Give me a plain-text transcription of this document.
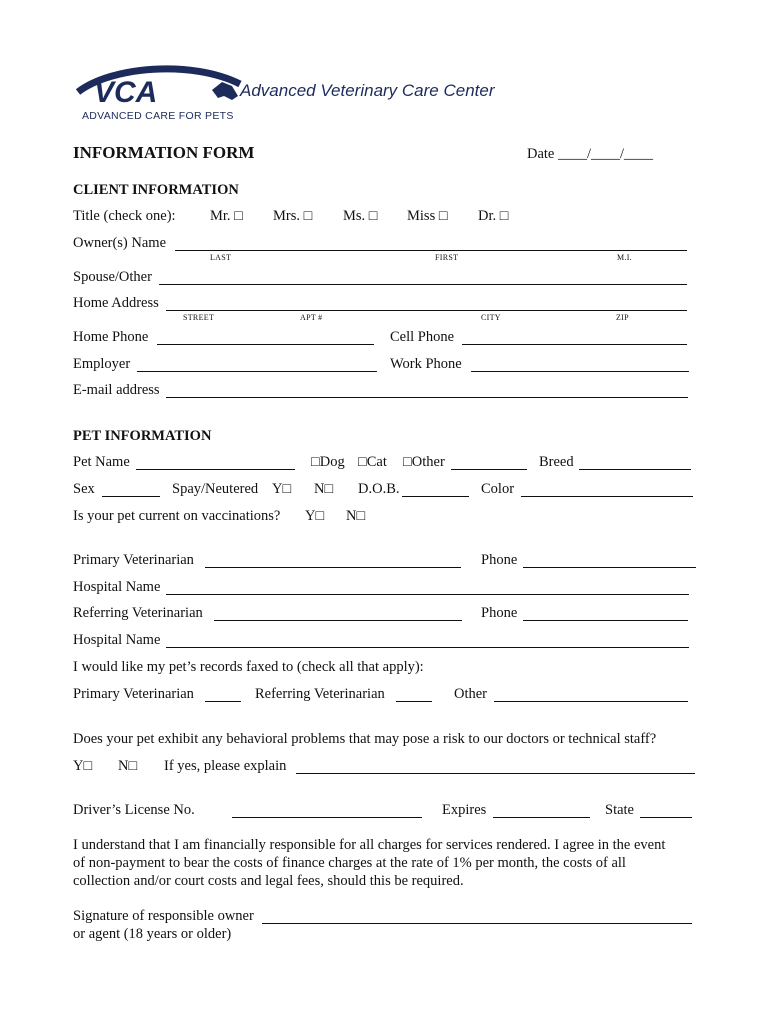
VCA	Advanced Veterinary Care Center
ADVANCED CARE FOR PETS
INFORMATION FORM	Date ____/____/____
CLIENT INFORMATION
Title (check one): Mr. □ Mrs. □ Ms. □ Miss □ Dr. □
Owner(s) Name
LAST	FIRST	M.I.
Spouse/Other
Home Address
STREET	APT #	CITY	ZIP
Home Phone	Cell Phone
Employer	Work Phone
E-mail address
PET INFORMATION
Pet Name	□Dog □Cat □Other	Breed
Sex	Spay/Neutered Y□ N□ D.O.B.	Color
Is your pet current on vaccinations? Y□ N□
Primary Veterinarian	Phone
Hospital Name
Referring Veterinarian	Phone
Hospital Name
I would like my pet’s records faxed to (check all that apply):
Primary Veterinarian	Referring Veterinarian	Other
Does your pet exhibit any behavioral problems that may pose a risk to our doctors or technical staff?
Y□ N□ If yes, please explain
Driver’s License No.	Expires	State
I understand that I am financially responsible for all charges for services rendered. I agree in the event
of non-payment to bear the costs of finance charges at the rate of 1% per month, the costs of all
collection and/or court costs and legal fees, should this be required.
Signature of responsible owner
or agent (18 years or older)
